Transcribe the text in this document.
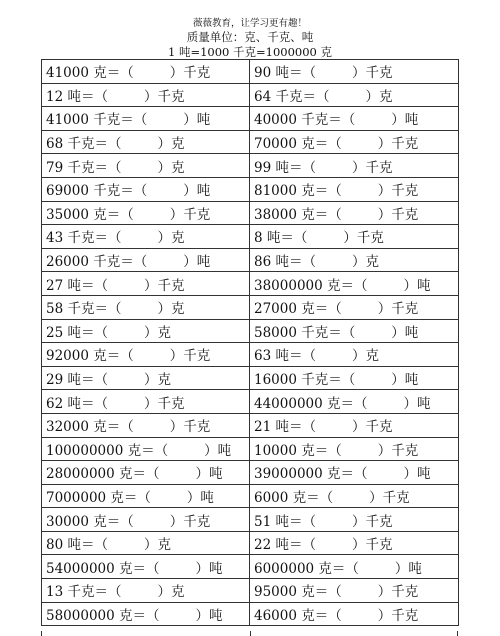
薇薇教育，让学习更有趣！
质量单位：克、千克、吨
1 吨=1000 千克=1000000 克
41000 克＝（ ）千克	90 吨＝（ ）千克
12 吨＝（ ）千克	64 千克＝（ ）克
41000 千克＝（ ）吨	40000 千克＝（ ）吨
68 千克＝（ ）克	70000 克＝（ ）千克
79 千克＝（ ）克	99 吨＝（ ）千克
69000 千克＝（ ）吨	81000 克＝（ ）千克
35000 克＝（ ）千克	38000 克＝（ ）千克
43 千克＝（ ）克	8 吨＝（ ）千克
26000 千克＝（ ）吨	86 吨＝（ ）克
27 吨＝（ ）千克	38000000 克＝（ ）吨
58 千克＝（ ）克	27000 克＝（ ）千克
25 吨＝（ ）克	58000 千克＝（ ）吨
92000 克＝（ ）千克	63 吨＝（ ）克
29 吨＝（ ）克	16000 千克＝（ ）吨
62 吨＝（ ）千克	44000000 克＝（ ）吨
32000 克＝（ ）千克	21 吨＝（ ）千克
100000000 克＝（ ）吨	10000 克＝（ ）千克
28000000 克＝（ ）吨	39000000 克＝（ ）吨
7000000 克＝（ ）吨	6000 克＝（ ）千克
30000 克＝（ ）千克	51 吨＝（ ）千克
80 吨＝（ ）克	22 吨＝（ ）千克
54000000 克＝（ ）吨	6000000 克＝（ ）吨
13 千克＝（ ）克	95000 克＝（ ）千克
58000000 克＝（ ）吨	46000 克＝（ ）千克
